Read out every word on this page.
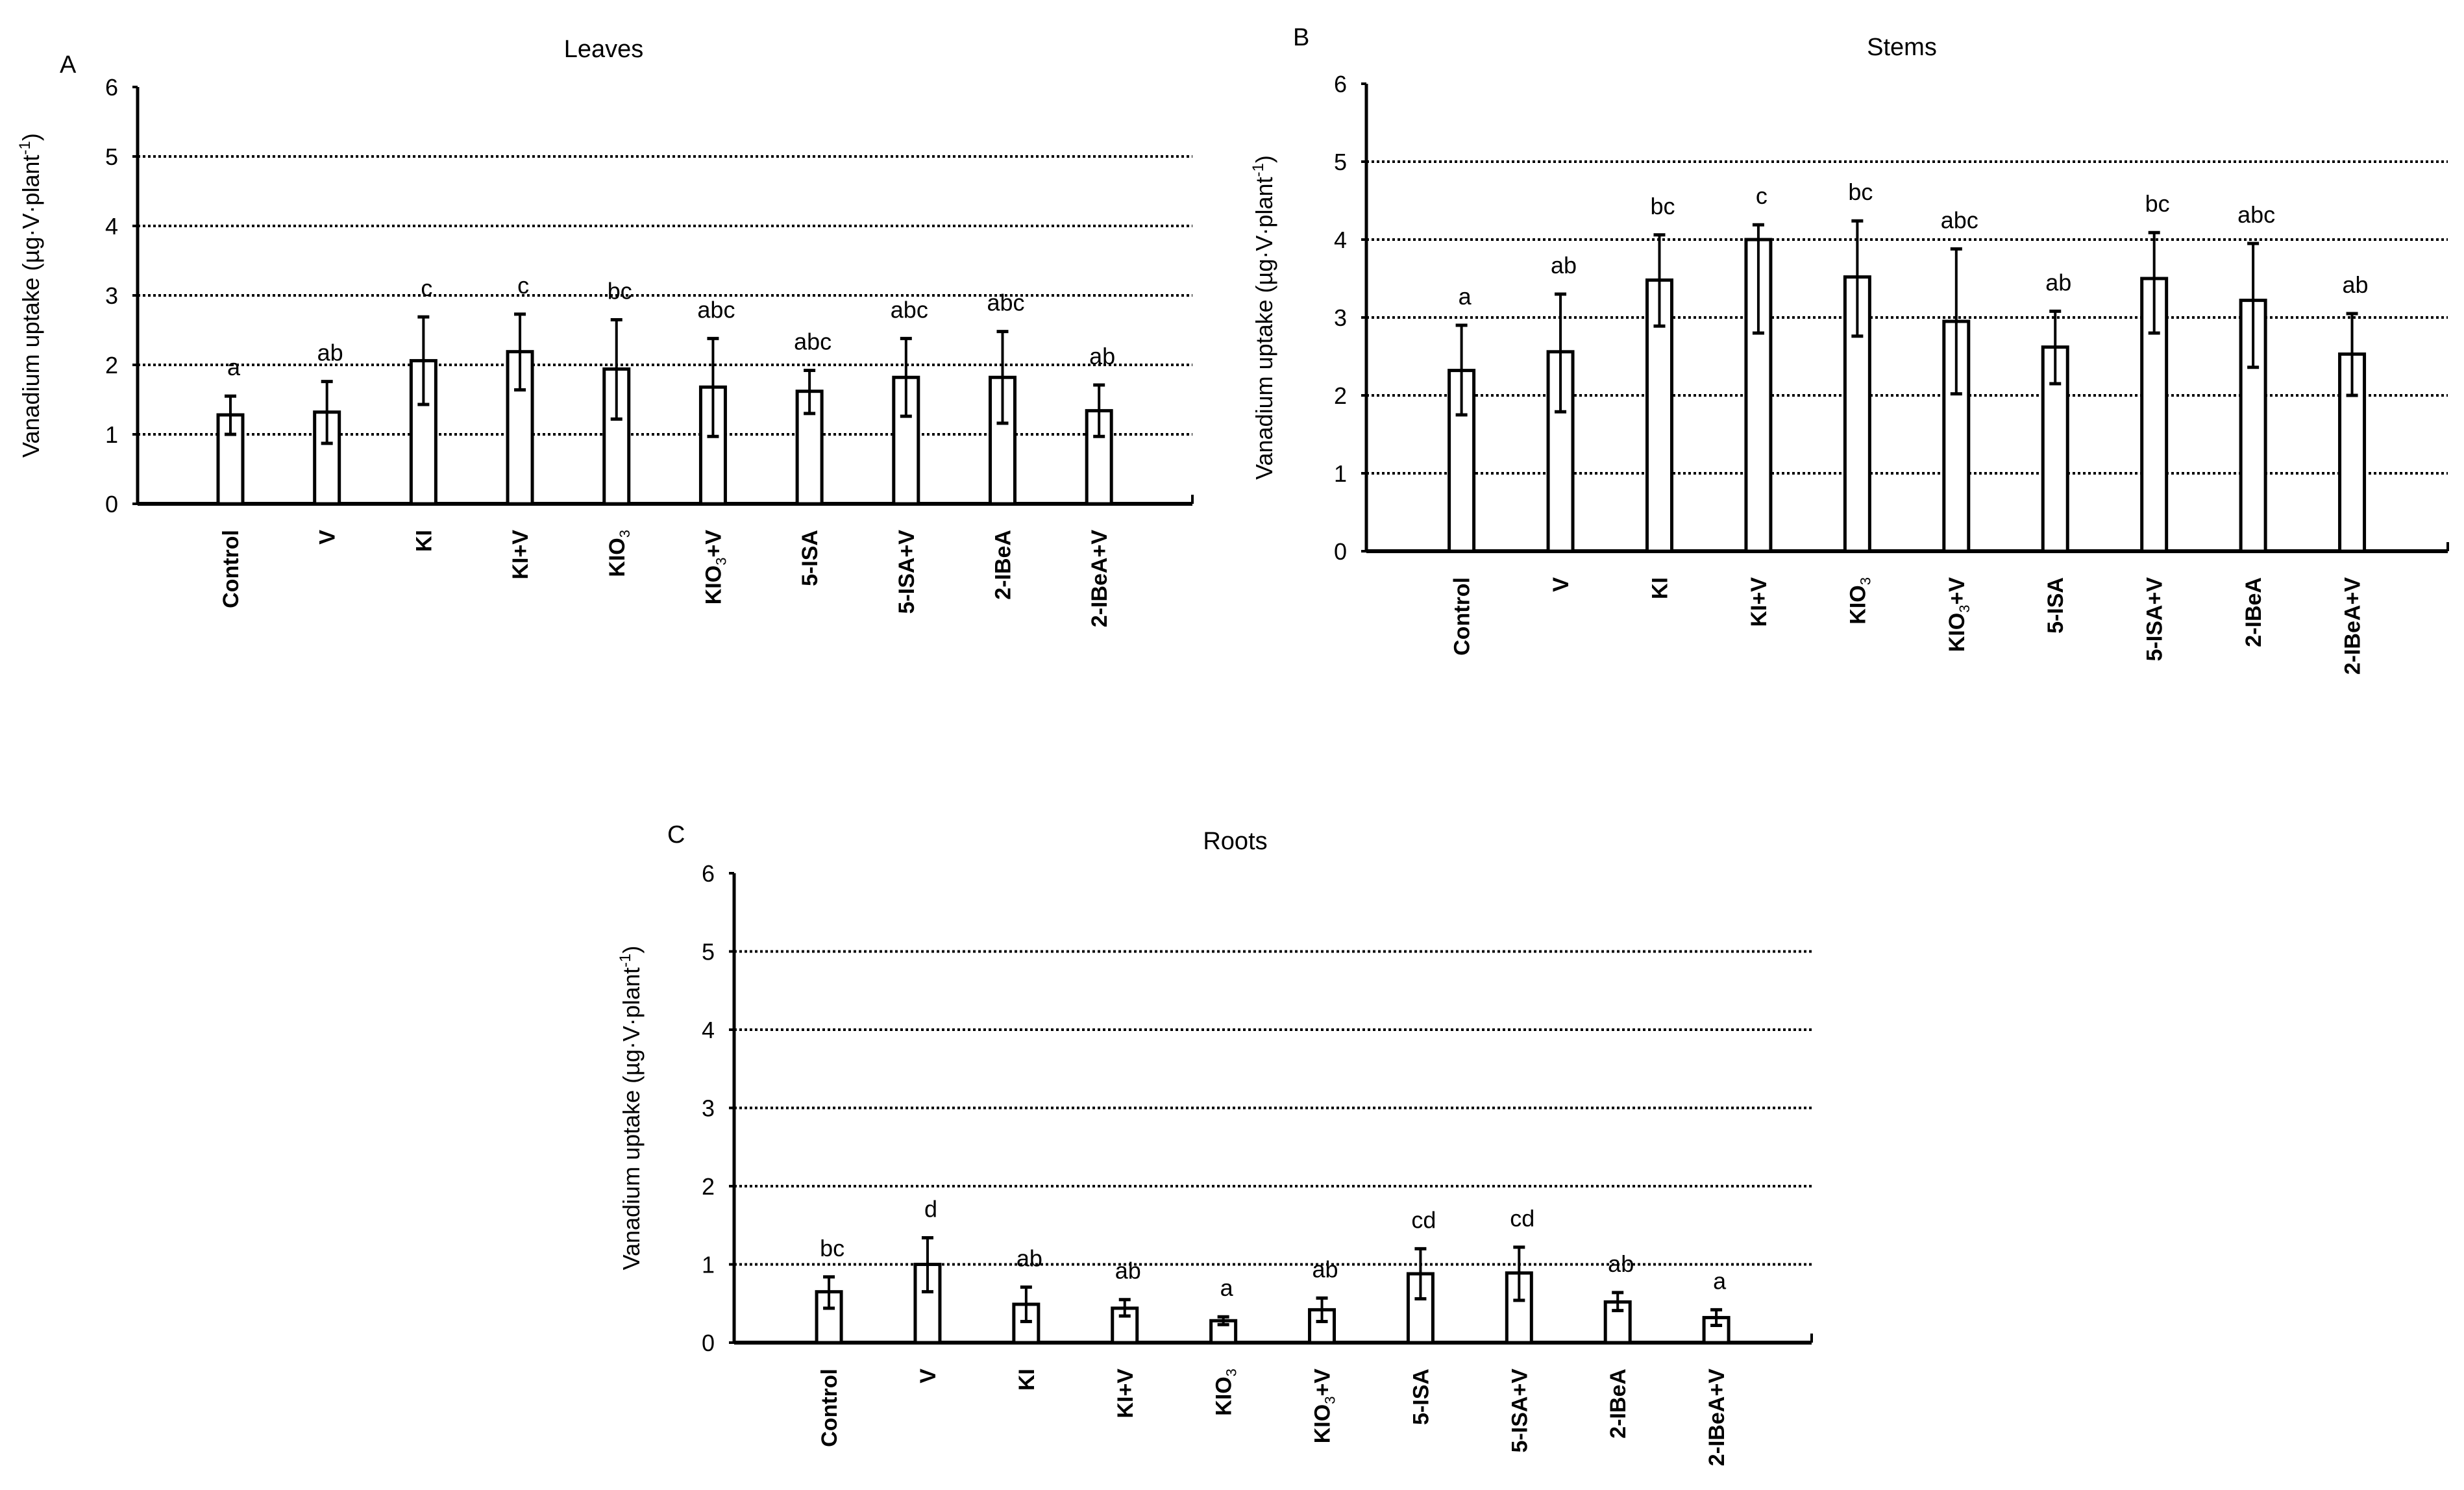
Leaves
A
Vanadium uptake (µg·V·plant$^{-1}$)
0
1
2
3
4
5
6
a
Control
ab
V
c
KI
c
KI+V
bc
$KIO_3$
abc
$KIO_3+V$
abc
5-ISA
abc
5-ISA+V
abc
2-IBeA
ab
2-IBeA+V
Stems
B
Vanadium uptake (µg·V·plant$^{-1}$)
0
1
2
3
4
5
6
a
Control
ab
V
bc
KI
c
KI+V
bc
$KIO_3$
abc
$KIO_3+V$
ab
5-ISA
bc
5-ISA+V
abc
2-IBeA
ab
2-IBeA+V
Roots
C
Vanadium uptake (µg·V·plant$^{-1}$)
0
1
2
3
4
5
6
bc
Control
d
V
ab
KI
ab
KI+V
a
$KIO_3$
ab
$KIO_3+V$
cd
5-ISA
cd
5-ISA+V
ab
2-IBeA
a
2-IBeA+V
